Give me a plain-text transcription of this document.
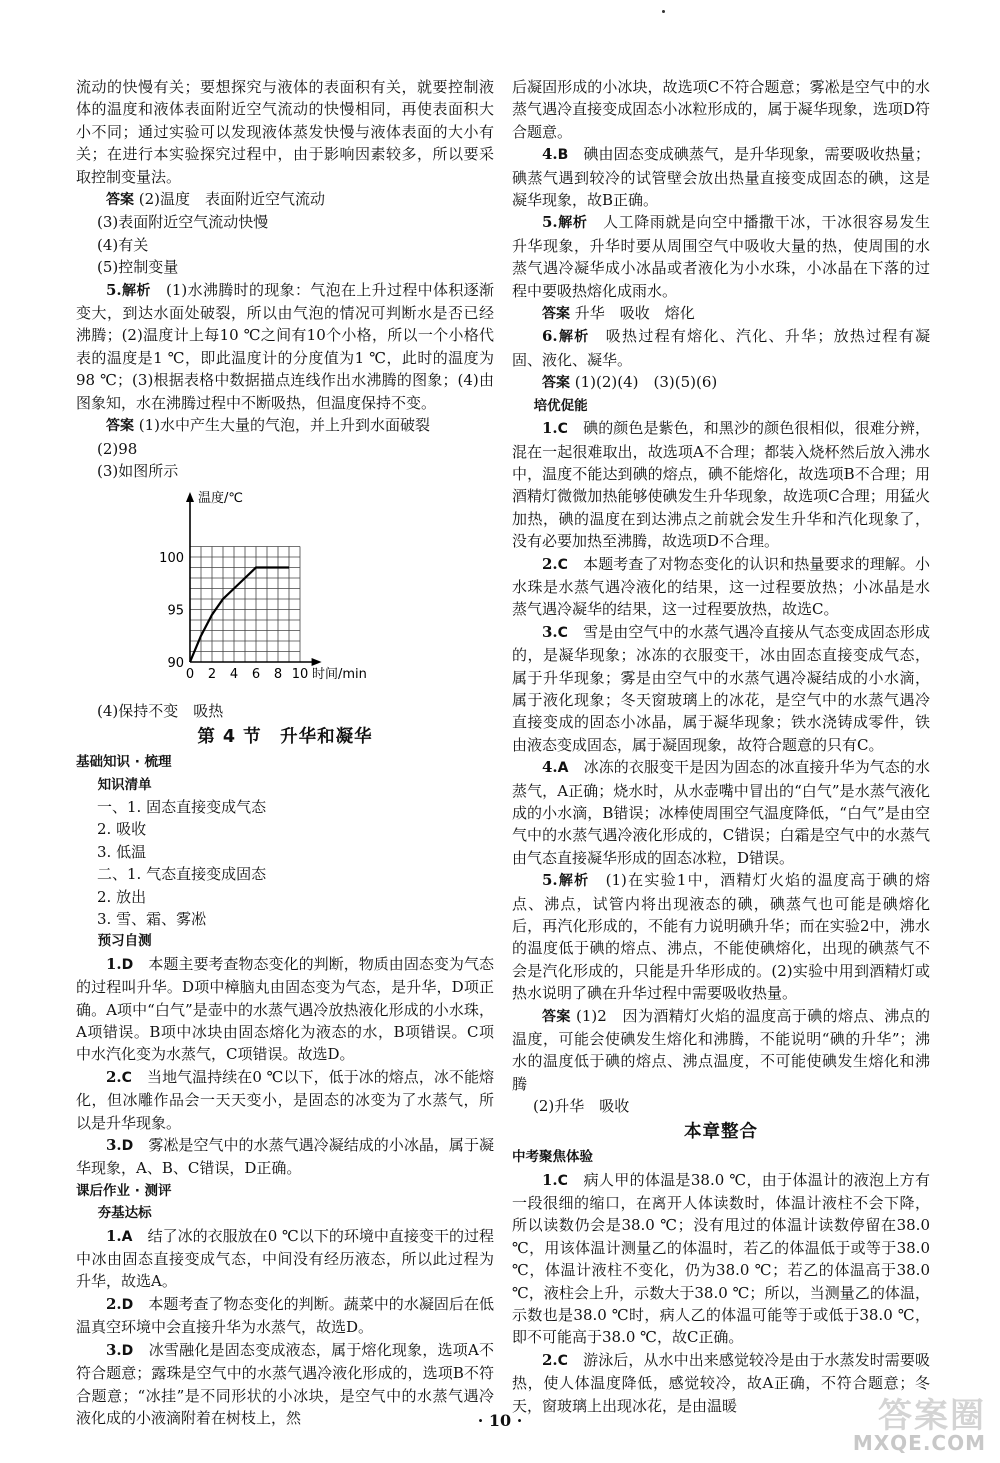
流动的快慢有关；要想探究与液体的表面积有关，就要控制液体的温度和液体表面附近空气流动的快慢相同，再使表面积大小不同；通过实验可以发现液体蒸发快慢与液体表面的大小有关；在进行本实验探究过程中，由于影响因素较多，所以要采取控制变量法。

答案 (2)温度　表面附近空气流动

(3)表面附近空气流动快慢

(4)有关

(5)控制变量

5.解析　 (1)水沸腾时的现象：气泡在上升过程中体积逐渐变大，到达水面处破裂，所以由气泡的情况可判断水是否已经沸腾；(2)温度计上每10 ℃之间有10个小格，所以一个小格代表的温度是1 ℃，即此温度计的分度值为1 ℃，此时的温度为98 ℃；(3)根据表格中数据描点连线作出水沸腾的图象；(4)由图象知，水在沸腾过程中不断吸热，但温度保持不变。

答案 (1)水中产生大量的气泡，并上升到水面破裂

(2)98

(3)如图所示

温度/℃
时间/min
0 2 4 6 8 10
90
95
100

(4)保持不变　吸热

第 4 节　升华和凝华

基础知识 · 梳理

知识清单

一、1. 固态直接变成气态

2. 吸收

3. 低温

二、1. 气态直接变成固态

2. 放出

3. 雪、霜、雾凇

预习自测

1.D　 本题主要考查物态变化的判断，物质由固态变为气态的过程叫升华。D项中樟脑丸由固态变为气态，是升华，D项正确。A项中“白气”是壶中的水蒸气遇冷放热液化形成的小水珠，A项错误。B项中冰块由固态熔化为液态的水，B项错误。C项中水汽化变为水蒸气，C项错误。故选D。

2.C　 当地气温持续在0 ℃以下，低于冰的熔点，冰不能熔化，但冰雕作品会一天天变小，是固态的冰变为了水蒸气，所以是升华现象。

3.D　 雾凇是空气中的水蒸气遇冷凝结成的小冰晶，属于凝华现象，A、B、C错误，D正确。

课后作业 · 测评

夯基达标

1.A　 结了冰的衣服放在0 ℃以下的环境中直接变干的过程中冰由固态直接变成气态，中间没有经历液态，所以此过程为升华，故选A。

2.D　 本题考查了物态变化的判断。蔬菜中的水凝固后在低温真空环境中会直接升华为水蒸气，故选D。

3.D　 冰雪融化是固态变成液态，属于熔化现象，选项A不符合题意；露珠是空气中的水蒸气遇冷液化形成的，选项B不符合题意；“冰挂”是不同形状的小冰块，是空气中的水蒸气遇冷液化成的小液滴附着在树枝上，然

后凝固形成的小冰块，故选项C不符合题意；雾凇是空气中的水蒸气遇冷直接变成固态小冰粒形成的，属于凝华现象，选项D符合题意。

4.B　 碘由固态变成碘蒸气，是升华现象，需要吸收热量；碘蒸气遇到较冷的试管壁会放出热量直接变成固态的碘，这是凝华现象，故B正确。

5.解析　 人工降雨就是向空中播撒干冰，干冰很容易发生升华现象，升华时要从周围空气中吸收大量的热，使周围的水蒸气遇冷凝华成小冰晶或者液化为小水珠，小冰晶在下落的过程中要吸热熔化成雨水。

答案 升华　吸收　熔化

6.解析　 吸热过程有熔化、汽化、升华；放热过程有凝固、液化、凝华。

答案 (1)(2)(4)　(3)(5)(6)

培优促能

1.C　 碘的颜色是紫色，和黑沙的颜色很相似，很难分辨，混在一起很难取出，故选项A不合理；都装入烧杯然后放入沸水中，温度不能达到碘的熔点，碘不能熔化，故选项B不合理；用酒精灯微微加热能够使碘发生升华现象，故选项C合理；用猛火加热，碘的温度在到达沸点之前就会发生升华和汽化现象了，没有必要加热至沸腾，故选项D不合理。

2.C　 本题考查了对物态变化的认识和热量要求的理解。小水珠是水蒸气遇冷液化的结果，这一过程要放热；小冰晶是水蒸气遇冷凝华的结果，这一过程要放热，故选C。

3.C　 雪是由空气中的水蒸气遇冷直接从气态变成固态形成的，是凝华现象；冰冻的衣服变干，冰由固态直接变成气态，属于升华现象；雾是由空气中的水蒸气遇冷凝结成的小水滴，属于液化现象；冬天窗玻璃上的冰花，是空气中的水蒸气遇冷直接变成的固态小冰晶，属于凝华现象；铁水浇铸成零件，铁由液态变成固态，属于凝固现象，故符合题意的只有C。

4.A　 冰冻的衣服变干是因为固态的冰直接升华为气态的水蒸气，A正确；烧水时，从水壶嘴中冒出的“白气”是水蒸气液化成的小水滴，B错误；冰棒使周围空气温度降低，“白气”是由空气中的水蒸气遇冷液化形成的，C错误；白霜是空气中的水蒸气由气态直接凝华形成的固态冰粒，D错误。

5.解析　 (1)在实验1中，酒精灯火焰的温度高于碘的熔点、沸点，试管内将出现液态的碘，碘蒸气也可能是碘熔化后，再汽化形成的，不能有力说明碘升华；而在实验2中，沸水的温度低于碘的熔点、沸点，不能使碘熔化，出现的碘蒸气不会是汽化形成的，只能是升华形成的。(2)实验中用到酒精灯或热水说明了碘在升华过程中需要吸收热量。

答案 (1)2　因为酒精灯火焰的温度高于碘的熔点、沸点的温度，可能会使碘发生熔化和沸腾，不能说明“碘的升华”；沸水的温度低于碘的熔点、沸点温度，不可能使碘发生熔化和沸腾

(2)升华　吸收

本章整合

中考聚焦体验

1.C　 病人甲的体温是38.0 ℃，由于体温计的液泡上方有一段很细的缩口，在离开人体读数时，体温计液柱不会下降，所以读数仍会是38.0 ℃；没有甩过的体温计读数停留在38.0 ℃，用该体温计测量乙的体温时，若乙的体温低于或等于38.0 ℃，体温计液柱不变化，仍为38.0 ℃；若乙的体温高于38.0 ℃，液柱会上升，示数大于38.0 ℃；所以，当测量乙的体温，示数也是38.0 ℃时，病人乙的体温可能等于或低于38.0 ℃，即不可能高于38.0 ℃，故C正确。

2.C　 游泳后，从水中出来感觉较冷是由于水蒸发时需要吸热，使人体温度降低，感觉较冷，故A正确，不符合题意；冬天，窗玻璃上出现冰花，是由温暖

· 10 ·	答案圈
MXQE.COM
